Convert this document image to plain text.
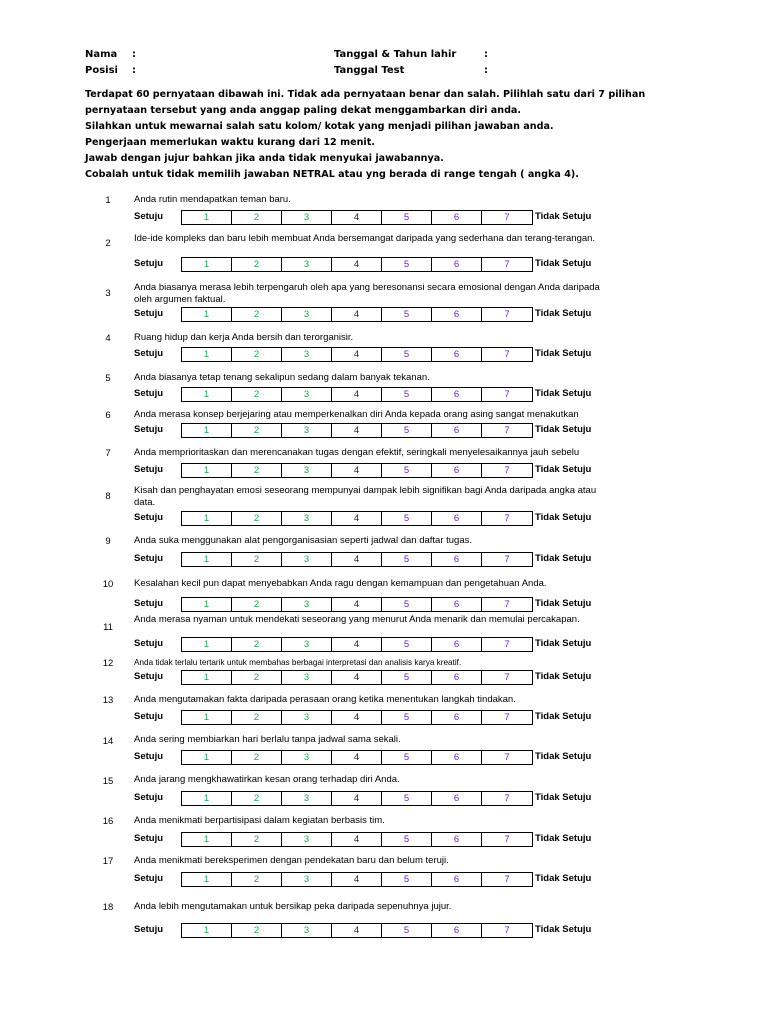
Nama :
Posisi :
Tanggal & Tahun lahir	:
Tanggal Test	:
Terdapat 60 pernyataan dibawah ini. Tidak ada pernyataan benar dan salah. Pilihlah satu dari 7 pilihan
pernyataan tersebut yang anda anggap paling dekat menggambarkan diri anda.
Silahkan untuk mewarnai salah satu kolom/ kotak yang menjadi pilihan jawaban anda.
Pengerjaan memerlukan waktu kurang dari 12 menit.
Jawab dengan jujur bahkan jika anda tidak menyukai jawabannya.
Cobalah untuk tidak memilih jawaban NETRAL atau yng berada di range tengah ( angka 4).
1	Anda rutin mendapatkan teman baru.
Setuju	1	2	3	4	5	6	7	Tidak Setuju
2	Ide-ide kompleks dan baru lebih membuat Anda bersemangat daripada yang sederhana dan terang-terangan.
Setuju	1	2	3	4	5	6	7	Tidak Setuju
3
Anda biasanya merasa lebih terpengaruh oleh apa yang beresonansi secara emosional dengan Anda daripada oleh argumen faktual.
Setuju	1	2	3	4	5	6	7	Tidak Setuju
4	Ruang hidup dan kerja Anda bersih dan terorganisir.
Setuju	1	2	3	4	5	6	7	Tidak Setuju
5	Anda biasanya tetap tenang sekalipun sedang dalam banyak tekanan.
Setuju	1	2	3	4	5	6	7	Tidak Setuju
6	Anda merasa konsep berjejaring atau memperkenalkan diri Anda kepada orang asing sangat menakutkan
Setuju	1	2	3	4	5	6	7	Tidak Setuju
7	Anda memprioritaskan dan merencanakan tugas dengan efektif, seringkali menyelesaikannya jauh sebelu
Setuju	1	2	3	4	5	6	7	Tidak Setuju
8
Kisah dan penghayatan emosi seseorang mempunyai dampak lebih signifikan bagi Anda daripada angka atau data.
Setuju	1	2	3	4	5	6	7	Tidak Setuju
9	Anda suka menggunakan alat pengorganisasian seperti jadwal dan daftar tugas.
Setuju	1	2	3	4	5	6	7	Tidak Setuju
10	Kesalahan kecil pun dapat menyebabkan Anda ragu dengan kemampuan dan pengetahuan Anda.
Setuju	1	2	3	4	5	6	7	Tidak Setuju
11
Anda merasa nyaman untuk mendekati seseorang yang menurut Anda menarik dan memulai percakapan.
Setuju	1	2	3	4	5	6	7	Tidak Setuju
12	Anda tidak terlalu tertarik untuk membahas berbagai interpretasi dan analisis karya kreatif.
Setuju	1	2	3	4	5	6	7	Tidak Setuju
13	Anda mengutamakan fakta daripada perasaan orang ketika menentukan langkah tindakan.
Setuju	1	2	3	4	5	6	7	Tidak Setuju
14	Anda sering membiarkan hari berlalu tanpa jadwal sama sekali.
Setuju	1	2	3	4	5	6	7	Tidak Setuju
15	Anda jarang mengkhawatirkan kesan orang terhadap diri Anda.
Setuju	1	2	3	4	5	6	7	Tidak Setuju
16	Anda menikmati berpartisipasi dalam kegiatan berbasis tim.
Setuju	1	2	3	4	5	6	7	Tidak Setuju
17	Anda menikmati bereksperimen dengan pendekatan baru dan belum teruji.
Setuju	1	2	3	4	5	6	7	Tidak Setuju
18	Anda lebih mengutamakan untuk bersikap peka daripada sepenuhnya jujur.
Setuju	1	2	3	4	5	6	7	Tidak Setuju
